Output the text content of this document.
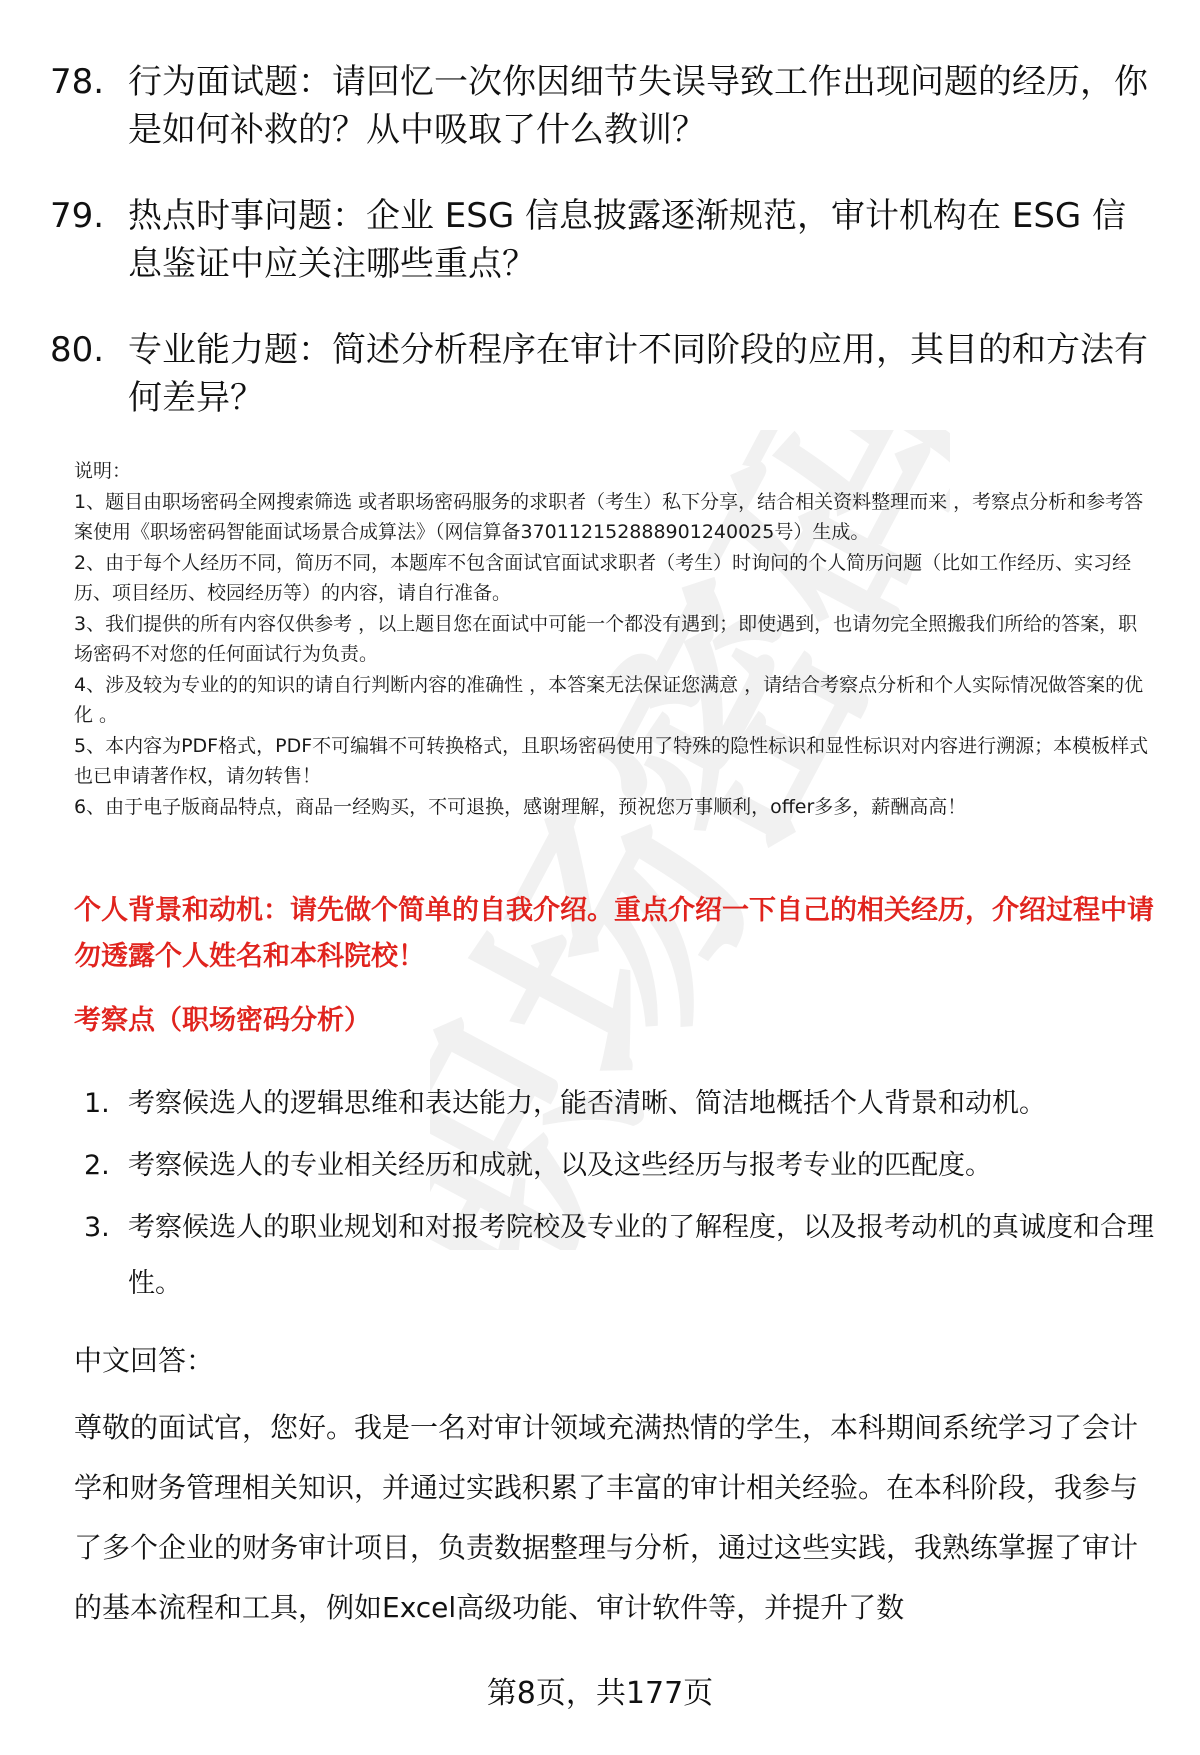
职场密码
78. 行为面试题：请回忆一次你因细节失误导致工作出现问题的经历，你是如何补救的？从中吸取了什么教训？
79. 热点时事问题：企业 ESG 信息披露逐渐规范，审计机构在 ESG 信息鉴证中应关注哪些重点？
80. 专业能力题：简述分析程序在审计不同阶段的应用，其目的和方法有何差异？

说明：

1、题目由职场密码全网搜索筛选 或者职场密码服务的求职者（考生）私下分享，结合相关资料整理而来 ，考察点分析和参考答案使用《职场密码智能面试场景合成算法》（网信算备370112152888901240025号）生成。

2、由于每个人经历不同，简历不同，本题库不包含面试官面试求职者（考生）时询问的个人简历问题（比如工作经历、实习经历、项目经历、校园经历等）的内容，请自行准备。

3、我们提供的所有内容仅供参考 ，以上题目您在面试中可能一个都没有遇到；即使遇到，也请勿完全照搬我们所给的答案，职场密码不对您的任何面试行为负责。

4、涉及较为专业的的知识的请自行判断内容的准确性 ，本答案无法保证您满意 ，请结合考察点分析和个人实际情况做答案的优化 。

5、本内容为PDF格式，PDF不可编辑不可转换格式，且职场密码使用了特殊的隐性标识和显性标识对内容进行溯源；本模板样式也已申请著作权，请勿转售！

6、由于电子版商品特点，商品一经购买，不可退换，感谢理解，预祝您万事顺利，offer多多，薪酬高高！

个人背景和动机：请先做个简单的自我介绍。重点介绍一下自己的相关经历，介绍过程中请勿透露个人姓名和本科院校！
考察点（职场密码分析）
1. 考察候选人的逻辑思维和表达能力，能否清晰、简洁地概括个人背景和动机。
2. 考察候选人的专业相关经历和成就，以及这些经历与报考专业的匹配度。
3. 考察候选人的职业规划和对报考院校及专业的了解程度，以及报考动机的真诚度和合理性。
中文回答：
尊敬的面试官，您好。我是一名对审计领域充满热情的学生，本科期间系统学习了会计学和财务管理相关知识，并通过实践积累了丰富的审计相关经验。在本科阶段，我参与了多个企业的财务审计项目，负责数据整理与分析，通过这些实践，我熟练掌握了审计的基本流程和工具，例如Excel高级功能、审计软件等，并提升了数
第8页，共177页
